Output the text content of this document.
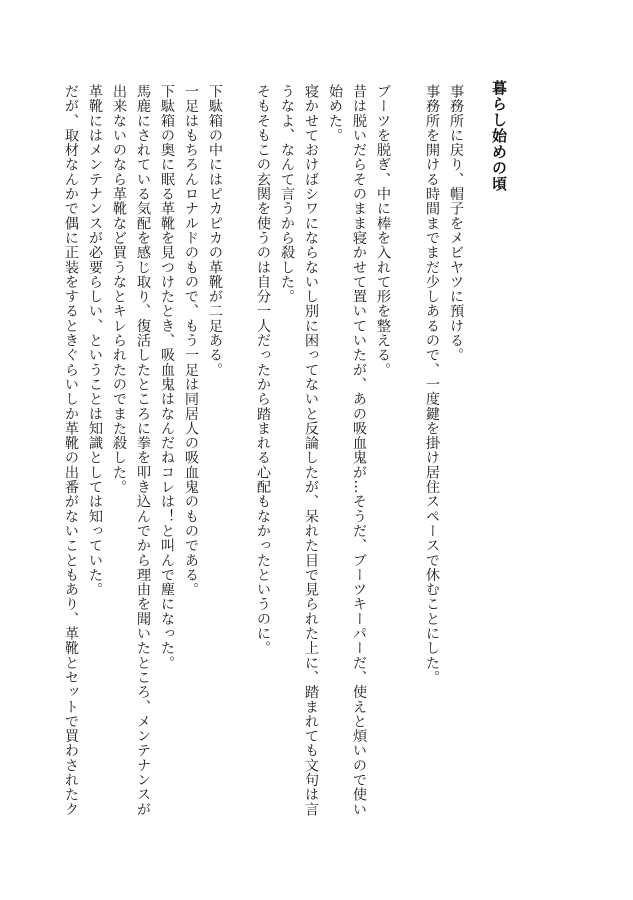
暮らし始めの頃
事務所に戻り、帽子をメビヤツに預ける。
事務所を開ける時間までまだ少しあるので、一度鍵を掛け居住スペースで休むことにした。
ブーツを脱ぎ、中に棒を入れて形を整える。
昔は脱いだらそのまま寝かせて置いていたが、あの吸血鬼が…そうだ、ブーツキーパーだ、使えと煩いので使い
始めた。
寝かせておけばシワにならないし別に困ってないと反論したが、呆れた目で見られた上に、踏まれても文句は言
うなよ、なんて言うから殺した。
そもそもこの玄関を使うのは自分一人だったから踏まれる心配もなかったというのに。
下駄箱の中にはピカピカの革靴が二足ある。
一足はもちろんロナルドのもので、もう一足は同居人の吸血鬼のものである。
下駄箱の奥に眠る革靴を見つけたとき、吸血鬼はなんだねコレは！と叫んで塵になった。
馬鹿にされている気配を感じ取り、復活したところに拳を叩き込んでから理由を聞いたところ、メンテナンスが
出来ないのなら革靴など買うなとキレられたのでまた殺した。
革靴にはメンテナンスが必要らしい、ということは知識としては知っていた。
だが、取材なんかで偶に正装をするときぐらいしか革靴の出番がないこともあり、革靴とセットで買わされたク
